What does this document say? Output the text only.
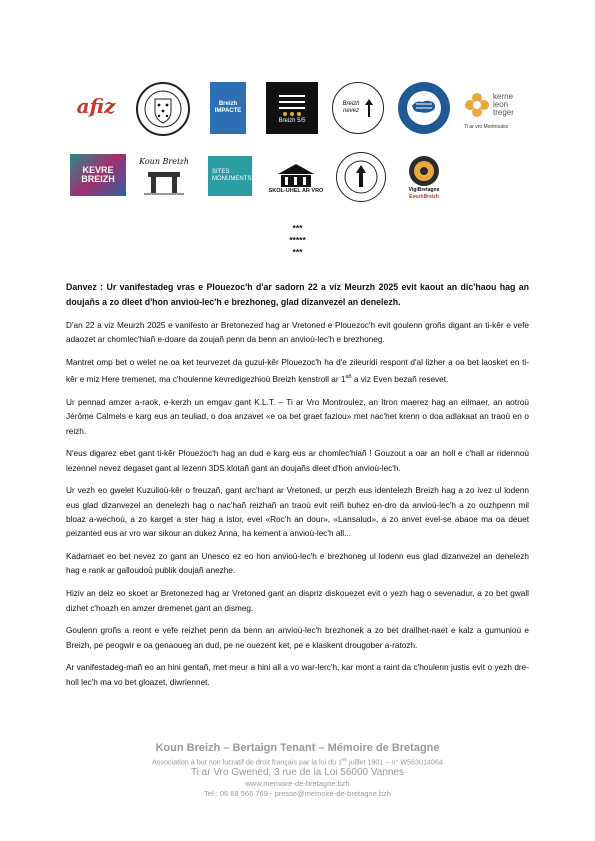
afiz	Breizh IMPACTE
Breizh 5/5
Breizh nevez
kerne
leon
treger
Ti ar vro Montroulez
KEVRE BREIZH
Koun Breizh
SITES
MONUMENTS
SKOL-UHEL AR VRO	VigiBretagne
EvezhBreizh
***
*****
***

Danvez : Ur vanifestadeg vras e Plouezoc'h d'ar sadorn 22 a viz Meurzh 2025 evit kaout an dic'haou hag an doujañs a zo dleet d'hon anvioù-lec'h e brezhoneg, glad dizanvezel an denelezh.

D'an 22 a viz Meurzh 2025 e vanifesto ar Bretonezed hag ar Vretoned e Plouezoc'h evit goulenn groñs digant an ti-kêr e vefe adaozet ar chomlec'hiañ e-doare da zoujañ penn da benn an anvioù-lec'h e brezhoneg.

Mantret omp bet o welet ne oa ket teurvezet da guzul-kêr Plouezoc'h ha d'e zileuridi respont d'al lizher a oa bet laosket en ti-kêr e miz Here tremenet, ma c'houlenne kevredigezhioù Breizh kenstroll ar $1^{añ}$ a viz Even bezañ resevet.

Ur pennad amzer a-raok, e-kerzh un emgav gant K.L.T. – Ti ar Vro Montroulez, an Itron maerez hag an eilmaer, an aotroù Jérôme Calmels e karg eus an teuliad, o doa anzavet «e oa bet graet faziou» met nac'het krenn o doa adlakaat an traoù en o reizh.

N'eus digarez ebet gant ti-kêr Plouezoc'h hag an dud e karg eus ar chomlec'hiañ ! Gouzout a oar an holl e c'hall ar ridennoù lezennel nevez degaset gant al lezenn 3DS klotañ gant an doujañs dleet d'hon anvioù-lec'h.

Ur vezh eo gwelet Kuzulioù-kêr o freuzañ, gant arc'hant ar Vretoned, ur perzh eus identelezh Breizh hag a zo ivez ul lodenn eus glad dizanvezel an denelezh hag o nac'hañ reizhañ an traoù evit reiñ buhez en-dro da anvioù-lec'h a zo ouzhpenn mil bloaz a-wechoù, a zo karget a ster hag a istor, evel «Roc'h an dour», «Lansalud», a zo anvet evel-se abaoe ma oa deuet peizanted eus ar vro war sikour an dukez Anna, ha kement a anvioù-lec'h all...

Kadarnaet eo bet nevez zo gant an Unesco ez eo hon anvioù-lec'h e brezhoneg ul lodenn eus glad dizanvezel an denelezh hag e rank ar galloudoù publik doujañ anezhe.

Hiziv an deiz eo skoet ar Bretonezed hag ar Vretoned gant an dispriz diskouezet evit o yezh hag o sevenadur, a zo bet gwall dizhet c'hoazh en amzer dremenet gant an dismeg.

Goulenn groñs a reont e vefe reizhet penn da benn an anvioù-lec'h brezhonek a zo bet drailhet-naet e kalz a gumunioù e Breizh, pe peogwir e oa genaoueg an dud, pe ne ouezent ket, pe e klaskent drougober a-ratozh.

Ar vanifestadeg-mañ eo an hini gentañ, met meur a hini all a vo war-lerc'h, kar mont a raint da c'houlenn justis evit o yezh dre-holl lec'h ma vo bet gloazet, diwriennet.

Koun Breizh – Bertaign Tenant – Mémoire de Bretagne
Association à but non lucratif de droit français par la loi du 1er juillet 1901 – n° W563014064
Ti ar Vro Gwened, 3 rue de la Loi 56000 Vannes
www.memoire-de-bretagne.bzh
Tel : 06 68 566 769 - presse@memoire-de-bretagne.bzh
